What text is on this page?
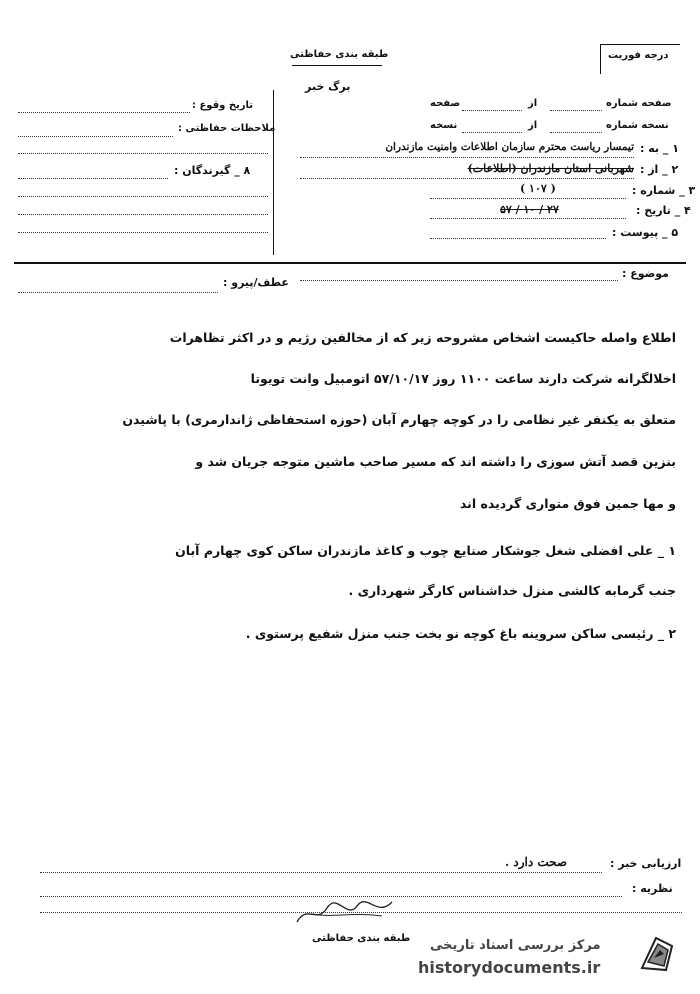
طبقه بندی حفاظتی
برگ خبر
درجه فوریت
تاریخ وقوع :
ملاحظات حفاظتی :
۸ _ گیرندگان :
صفحه شماره
از
صفحه
نسخه شماره
از
نسخه
۱ _ به :
تیمسار ریاست محترم سازمان اطلاعات وامنیت مازندران
۲ _ از :
شهربانی استان مازندران (اطلاعات)
۳ _ شماره :
( ۱۰۷ )
۴ _ تاریخ :
۲۷ / ۱۰ / ۵۷
۵ _ پیوست :
موضوع :
عطف/پیرو :
اطلاع واصله حاکیست اشخاص مشروحه زیر که از مخالفین رژیم و در اکثر تظاهرات
اخلالگرانه شرکت دارند ساعت ۱۱۰۰ روز ۵۷/۱۰/۱۷ اتومبیل وانت تویوتا
متعلق به یکنفر غیر نظامی را در کوچه چهارم آبان (حوزه استحفاظی ژاندارمری) با پاشیدن
بنزین قصد آتش سوزی را داشته اند که مسیر صاحب ماشین متوجه جریان شد و
و مها جمین فوق متواری گردیده اند
۱ _ علی افضلی شغل جوشکار صنایع چوب و کاغذ مازندران ساکن کوی چهارم آبان
جنب گرمابه کالشی منزل خداشناس کارگر شهرداری .
۲ _ رئیسی ساکن سروینه باغ کوچه نو بخت جنب منزل شفیع پرستوی .
ارزیابی خبر :
صحت دارد .
نظریه :
طبقه بندی حفاظتی مرکز بررسی اسناد تاریخی
historydocuments.ir
